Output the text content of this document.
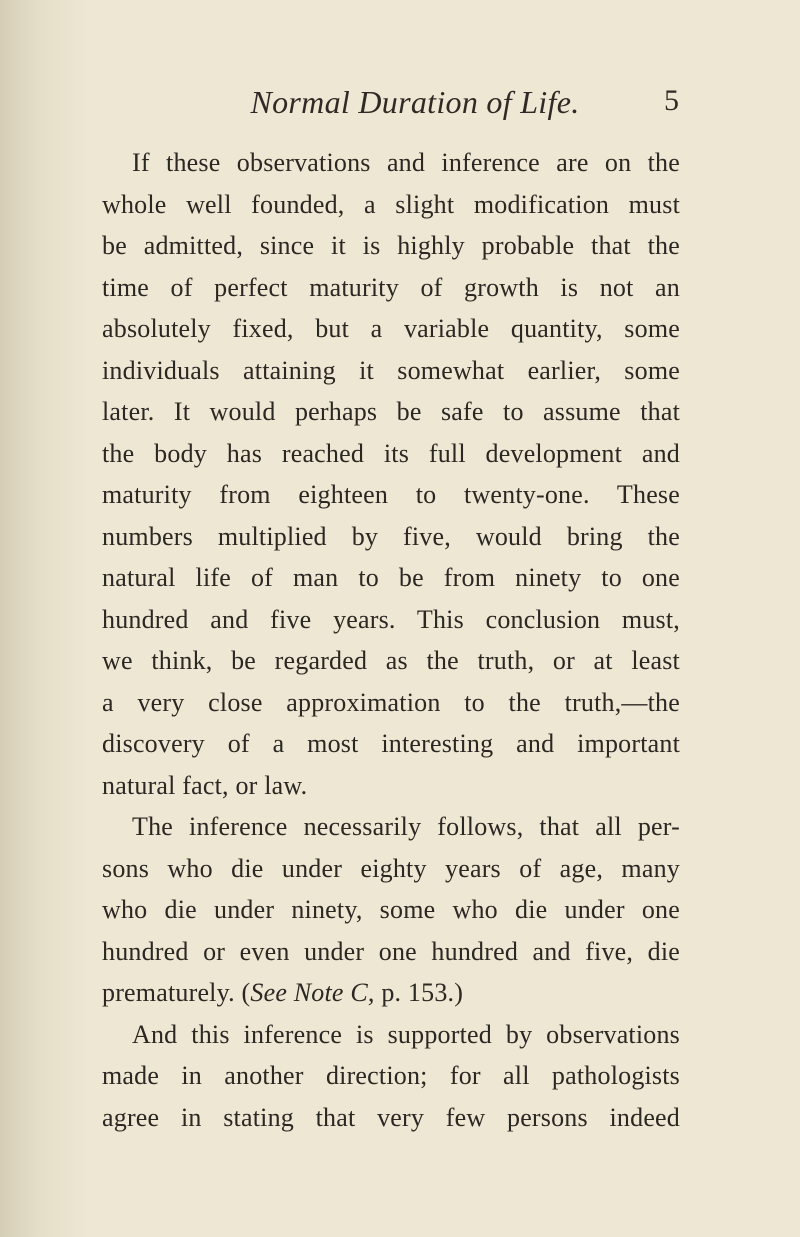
Normal Duration of Life.	5
If these observations and inference are on the
whole well founded, a slight modification must
be admitted, since it is highly probable that the
time of perfect maturity of growth is not an
absolutely fixed, but a variable quantity, some
individuals attaining it somewhat earlier, some
later. It would perhaps be safe to assume that
the body has reached its full development and
maturity from eighteen to twenty-one. These
numbers multiplied by five, would bring the
natural life of man to be from ninety to one
hundred and five years. This conclusion must,
we think, be regarded as the truth, or at least
a very close approximation to the truth,—the
discovery of a most interesting and important
natural fact, or law.
The inference necessarily follows, that all per-
sons who die under eighty years of age, many
who die under ninety, some who die under one
hundred or even under one hundred and five, die
prematurely. (See Note C, p. 153.)
And this inference is supported by observations
made in another direction; for all pathologists
agree in stating that very few persons indeed
